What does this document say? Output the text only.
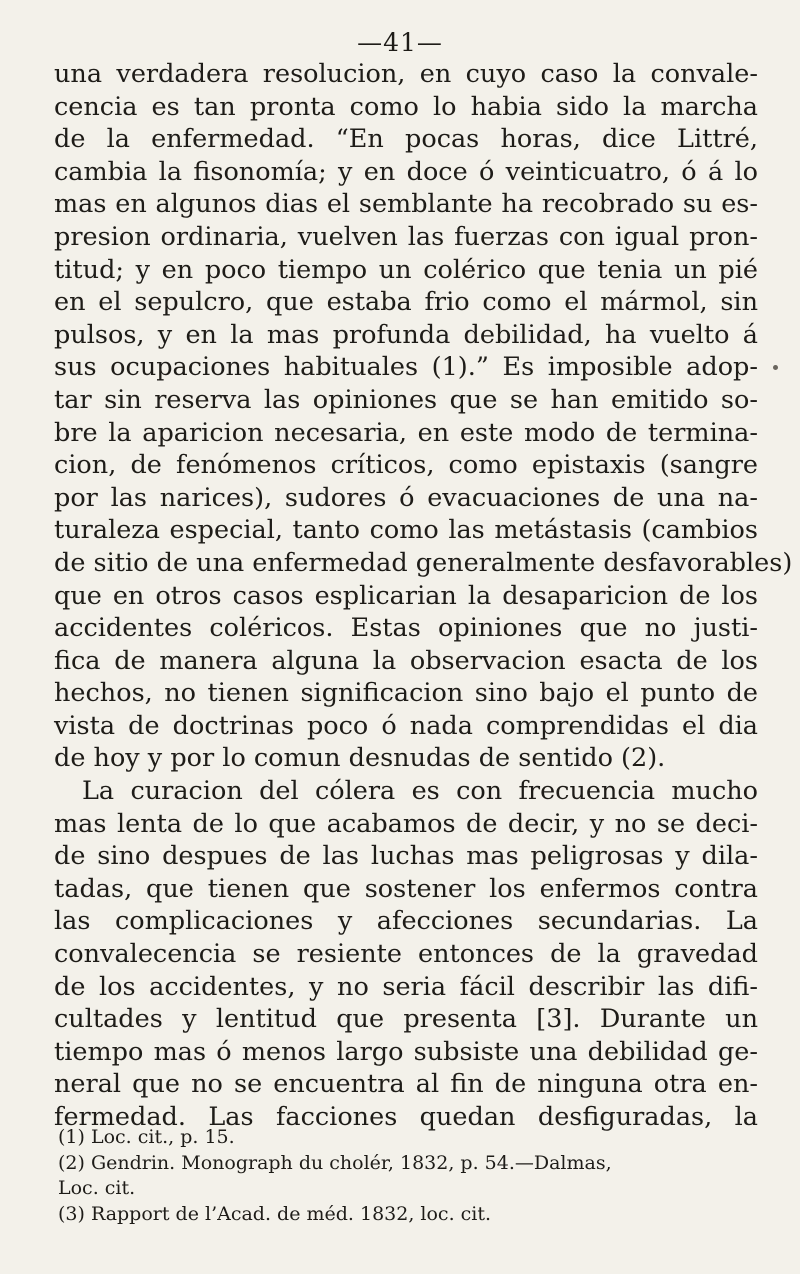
—41—
una verdadera resolucion, en cuyo caso la convale-
cencia es tan pronta como lo habia sido la marcha
de la enfermedad. “En pocas horas, dice Littré,
cambia la fisonomía; y en doce ó veinticuatro, ó á lo
mas en algunos dias el semblante ha recobrado su es-
presion ordinaria, vuelven las fuerzas con igual pron-
titud; y en poco tiempo un colérico que tenia un pié
en el sepulcro, que estaba frio como el mármol, sin
pulsos, y en la mas profunda debilidad, ha vuelto á
sus ocupaciones habituales (1).” Es imposible adop-
tar sin reserva las opiniones que se han emitido so-
bre la aparicion necesaria, en este modo de termina-
cion, de fenómenos críticos, como epistaxis (sangre
por las narices), sudores ó evacuaciones de una na-
turaleza especial, tanto como las metástasis (cambios
de sitio de una enfermedad generalmente desfavorables)
que en otros casos esplicarian la desaparicion de los
accidentes coléricos. Estas opiniones que no justi-
fica de manera alguna la observacion esacta de los
hechos, no tienen significacion sino bajo el punto de
vista de doctrinas poco ó nada comprendidas el dia
de hoy y por lo comun desnudas de sentido (2).
La curacion del cólera es con frecuencia mucho
mas lenta de lo que acabamos de decir, y no se deci-
de sino despues de las luchas mas peligrosas y dila-
tadas, que tienen que sostener los enfermos contra
las complicaciones y afecciones secundarias. La
convalecencia se resiente entonces de la gravedad
de los accidentes, y no seria fácil describir las difi-
cultades y lentitud que presenta [3]. Durante un
tiempo mas ó menos largo subsiste una debilidad ge-
neral que no se encuentra al fin de ninguna otra en-
fermedad. Las facciones quedan desfiguradas, la
(1) Loc. cit., p. 15.
(2) Gendrin. Monograph du cholér, 1832, p. 54.—Dalmas,
Loc. cit.
(3) Rapport de l’Acad. de méd. 1832, loc. cit.
